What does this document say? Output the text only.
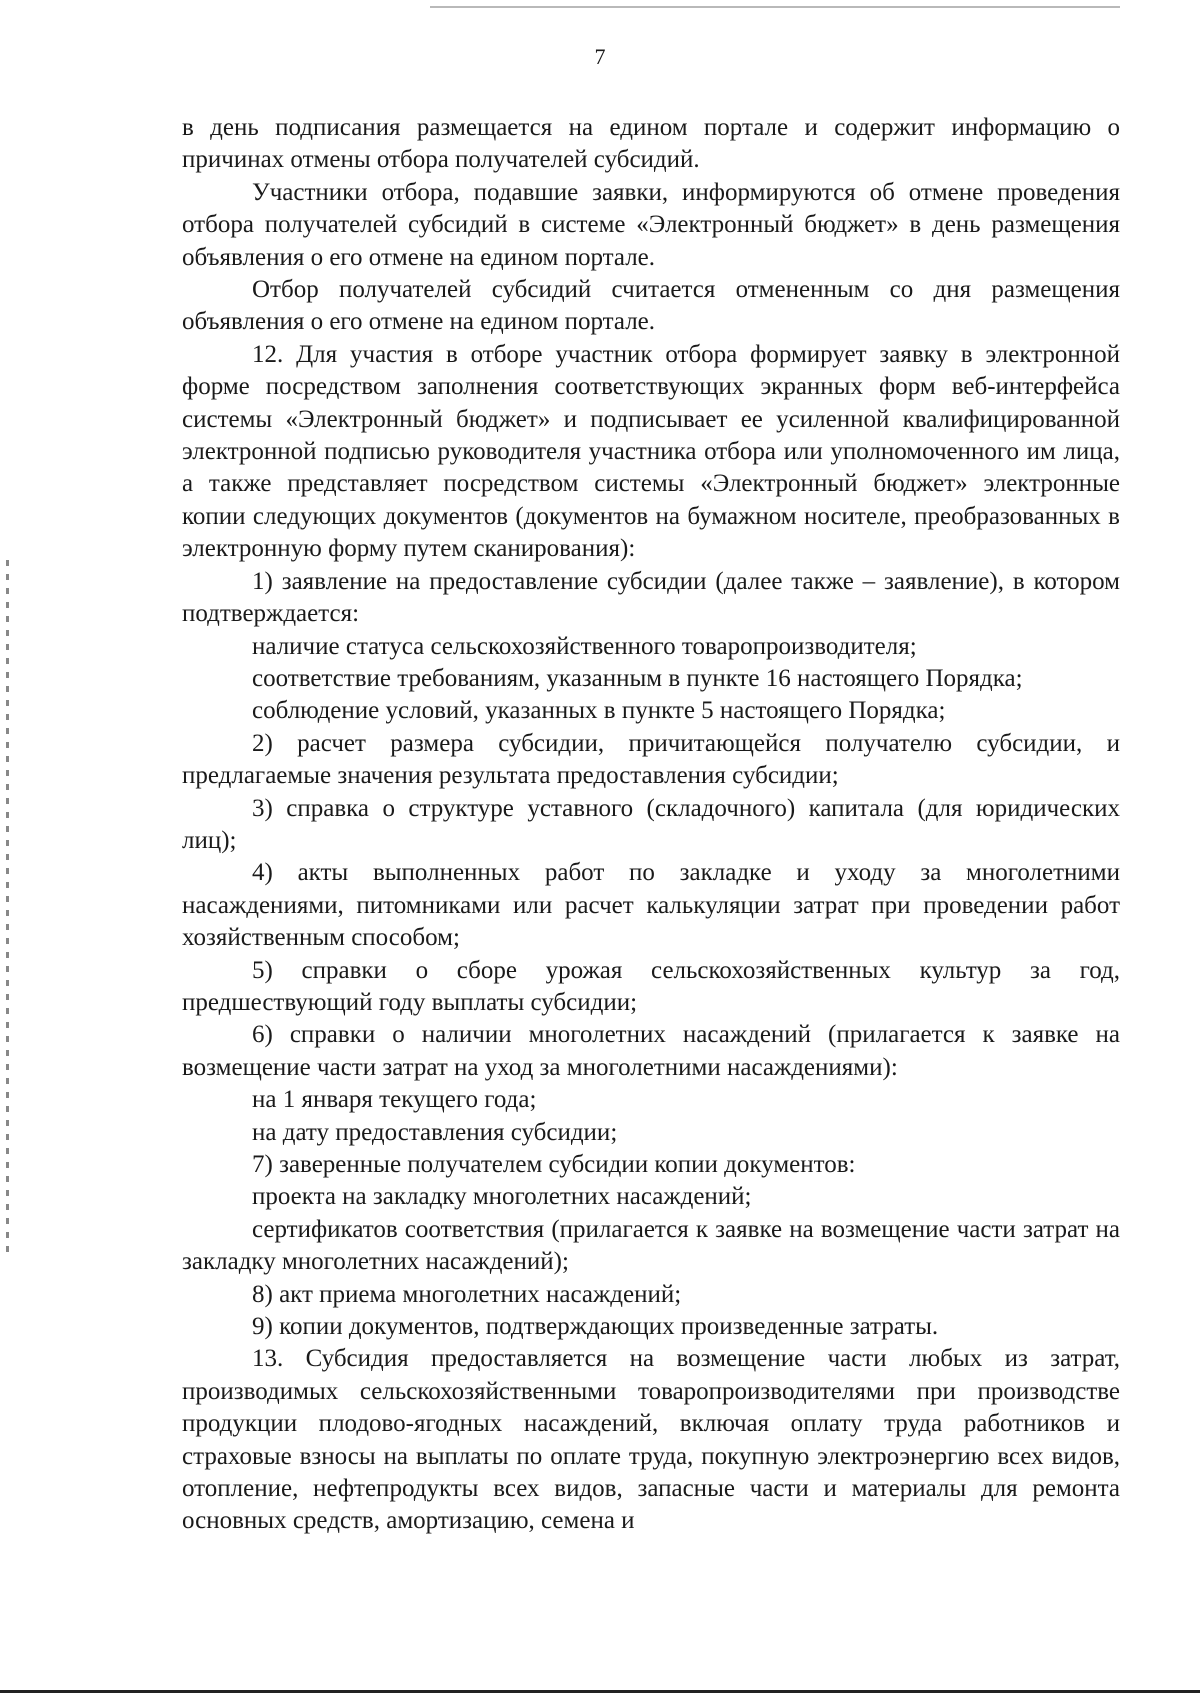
7

в день подписания размещается на едином портале и содержит информацию о причинах отмены отбора получателей субсидий.

Участники отбора, подавшие заявки, информируются об отмене проведения отбора получателей субсидий в системе «Электронный бюджет» в день размещения объявления о его отмене на едином портале.

Отбор получателей субсидий считается отмененным со дня размещения объявления о его отмене на едином портале.

12. Для участия в отборе участник отбора формирует заявку в электронной форме посредством заполнения соответствующих экранных форм веб-интерфейса системы «Электронный бюджет» и подписывает ее усиленной квалифицированной электронной подписью руководителя участника отбора или уполномоченного им лица, а также представляет посредством системы «Электронный бюджет» электронные копии следующих документов (документов на бумажном носителе, преобразованных в электронную форму путем сканирования):

1) заявление на предоставление субсидии (далее также – заявление), в котором подтверждается:

наличие статуса сельскохозяйственного товаропроизводителя;

соответствие требованиям, указанным в пункте 16 настоящего Порядка;

соблюдение условий, указанных в пункте 5 настоящего Порядка;

2) расчет размера субсидии, причитающейся получателю субсидии, и предлагаемые значения результата предоставления субсидии;

3) справка о структуре уставного (складочного) капитала (для юридических лиц);

4) акты выполненных работ по закладке и уходу за многолетними насаждениями, питомниками или расчет калькуляции затрат при проведении работ хозяйственным способом;

5) справки о сборе урожая сельскохозяйственных культур за год, предшествующий году выплаты субсидии;

6) справки о наличии многолетних насаждений (прилагается к заявке на возмещение части затрат на уход за многолетними насаждениями):

на 1 января текущего года;

на дату предоставления субсидии;

7) заверенные получателем субсидии копии документов:

проекта на закладку многолетних насаждений;

сертификатов соответствия (прилагается к заявке на возмещение части затрат на закладку многолетних насаждений);

8) акт приема многолетних насаждений;

9) копии документов, подтверждающих произведенные затраты.

13. Субсидия предоставляется на возмещение части любых из затрат, производимых сельскохозяйственными товаропроизводителями при производстве продукции плодово-ягодных насаждений, включая оплату труда работников и страховые взносы на выплаты по оплате труда, покупную электроэнергию всех видов, отопление, нефтепродукты всех видов, запасные части и материалы для ремонта основных средств, амортизацию, семена и
